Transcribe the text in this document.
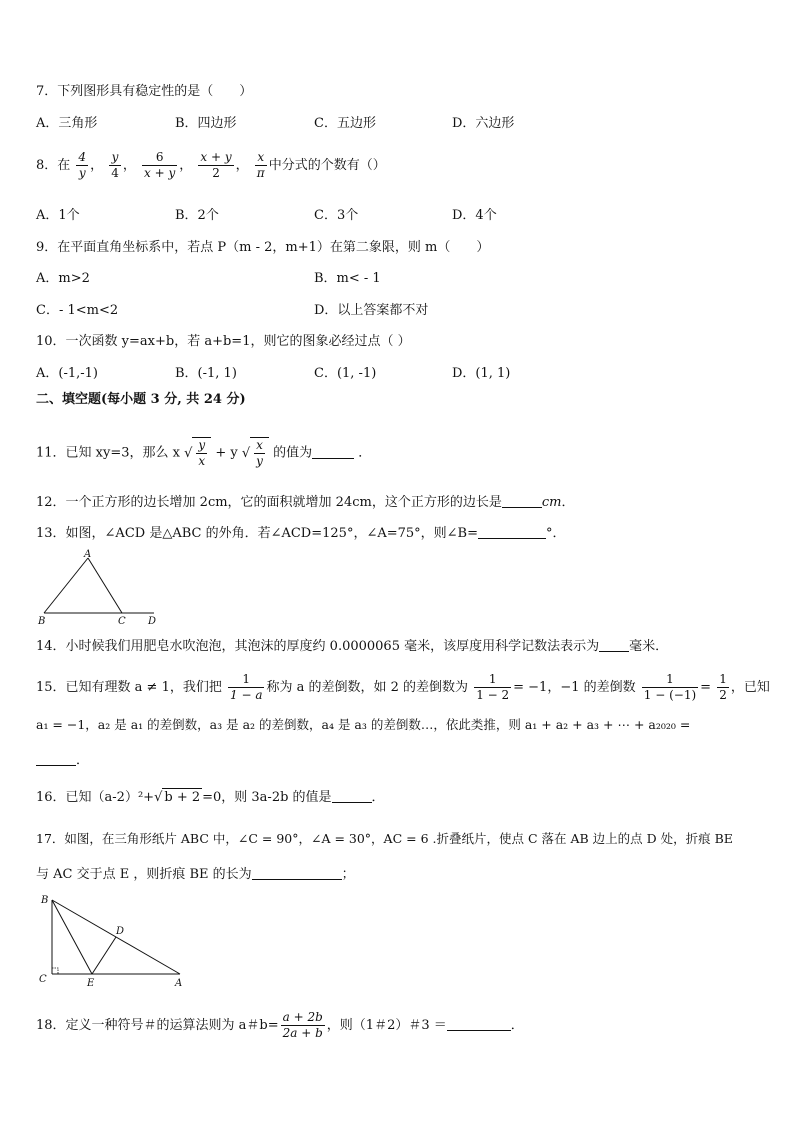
7．下列图形具有稳定性的是（　　）
A．三角形	B．四边形	C．五边形	D．六边形
8．在 $\frac{4}{y}$ ， $\frac{y}{4}$ ， $\frac{6}{x + y}$ ， $\frac{x + y}{2}$ ， $\frac{x}{\pi}$ 中分式的个数有（）
A．1个	B．2个	C．3个	D．4个
9．在平面直角坐标系中，若点 P（m - 2，m+1）在第二象限，则 m（　　）
A．m>2	B．m< - 1
C．- 1<m<2	D．以上答案都不对
10．一次函数 y=ax+b，若 a+b=1，则它的图象必经过点（ ）
A．(-1,-1)	B．(-1, 1)	C．(1, -1)	D．(1, 1)
二、填空题(每小题 3 分, 共 24 分)
11．已知 xy=3，那么 x √ $\frac{y}{x} + y$ √ $\frac{x}{y}$ 的值为	．
12．一个正方形的边长增加 2cm，它的面积就增加 24cm，这个正方形的边长是	cm．
13．如图，∠ACD 是△ABC 的外角．若∠ACD=125°，∠A=75°，则∠B=	°．
A
B	C D
14．小时候我们用肥皂水吹泡泡，其泡沫的厚度约 0.0000065 毫米，该厚度用科学记数法表示为 毫米．
15．已知有理数 a ≠ 1，我们把 $\frac{1}{1 - a}$ 称为 a 的差倒数，如 2 的差倒数为 $\frac{1}{1 - 2} = -1$，−1 的差倒数 $\frac{1}{1 - (-1)} = \frac{1}{2}$ ，已知
a₁ = −1，a₂ 是 a₁ 的差倒数，a₃ 是 a₂ 的差倒数，a₄ 是 a₃ 的差倒数…，依此类推，则 a₁ + a₂ + a₃ + ⋯ + a₂₀₂₀ =
．
16．已知（a-2）²+√ b + 2 =0，则 3a-2b 的值是	．
17．如图，在三角形纸片 ABC 中，∠C = 90°，∠A = 30°，AC = 6 .折叠纸片，使点 C 落在 AB 边上的点 D 处，折痕 BE
与 AC 交于点 E ，则折痕 BE 的长为	；
B
D
C	E	A
18．定义一种符号＃的运算法则为 a＃$b= \frac{a + 2b}{2a + b}$ ，则（1＃2）＃3 ＝	．
